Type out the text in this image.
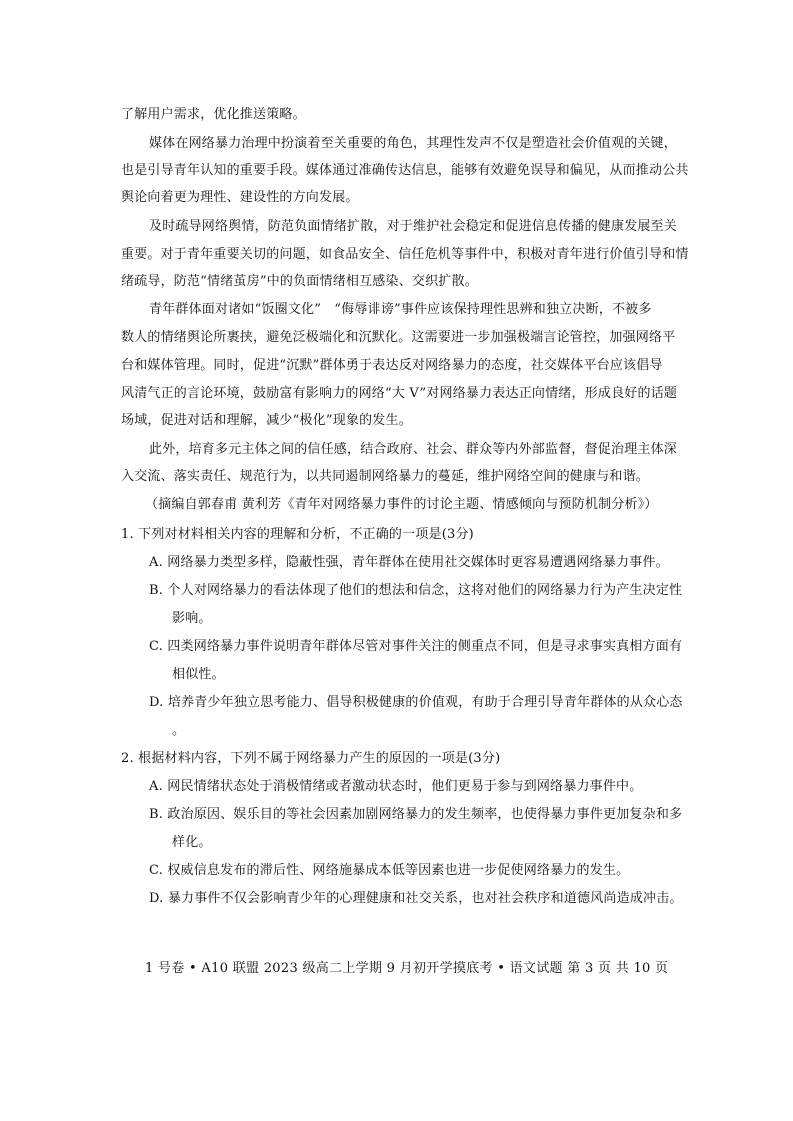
了解用户需求，优化推送策略。
媒体在网络暴力治理中扮演着至关重要的角色，其理性发声不仅是塑造社会价值观的关键，
也是引导青年认知的重要手段。媒体通过准确传达信息，能够有效避免误导和偏见，从而推动公共
舆论向着更为理性、建设性的方向发展。
及时疏导网络舆情，防范负面情绪扩散，对于维护社会稳定和促进信息传播的健康发展至关
重要。对于青年重要关切的问题，如食品安全、信任危机等事件中，积极对青年进行价值引导和情
绪疏导，防范“情绪茧房”中的负面情绪相互感染、交织扩散。
青年群体面对诸如“饭圈文化”　“侮辱诽谤”事件应该保持理性思辨和独立决断，不被多
数人的情绪舆论所裹挟，避免泛极端化和沉默化。这需要进一步加强极端言论管控，加强网络平
台和媒体管理。同时，促进“沉默”群体勇于表达反对网络暴力的态度，社交媒体平台应该倡导
风清气正的言论环境，鼓励富有影响力的网络“大 V”对网络暴力表达正向情绪，形成良好的话题
场域，促进对话和理解，减少“极化”现象的发生。
此外，培育多元主体之间的信任感，结合政府、社会、群众等内外部监督，督促治理主体深
入交流、落实责任、规范行为，以共同遏制网络暴力的蔓延，维护网络空间的健康与和谐。
（摘编自郭春甫 黄利芳《青年对网络暴力事件的讨论主题、情感倾向与预防机制分析》）
1. 下列对材料相关内容的理解和分析，不正确的一项是(3分)
A. 网络暴力类型多样，隐蔽性强，青年群体在使用社交媒体时更容易遭遇网络暴力事件。
B. 个人对网络暴力的看法体现了他们的想法和信念，这将对他们的网络暴力行为产生决定性
影响。
C. 四类网络暴力事件说明青年群体尽管对事件关注的侧重点不同，但是寻求事实真相方面有
相似性。
D. 培养青少年独立思考能力、倡导积极健康的价值观，有助于合理引导青年群体的从众心态
。
2. 根据材料内容，下列不属于网络暴力产生的原因的一项是(3分)
A. 网民情绪状态处于消极情绪或者激动状态时，他们更易于参与到网络暴力事件中。
B. 政治原因、娱乐目的等社会因素加剧网络暴力的发生频率，也使得暴力事件更加复杂和多
样化。
C. 权威信息发布的滞后性、网络施暴成本低等因素也进一步促使网络暴力的发生。
D. 暴力事件不仅会影响青少年的心理健康和社交关系，也对社会秩序和道德风尚造成冲击。
1 号卷 • A10 联盟 2023 级高二上学期 9 月初开学摸底考 • 语文试题 第 3 页 共 10 页
